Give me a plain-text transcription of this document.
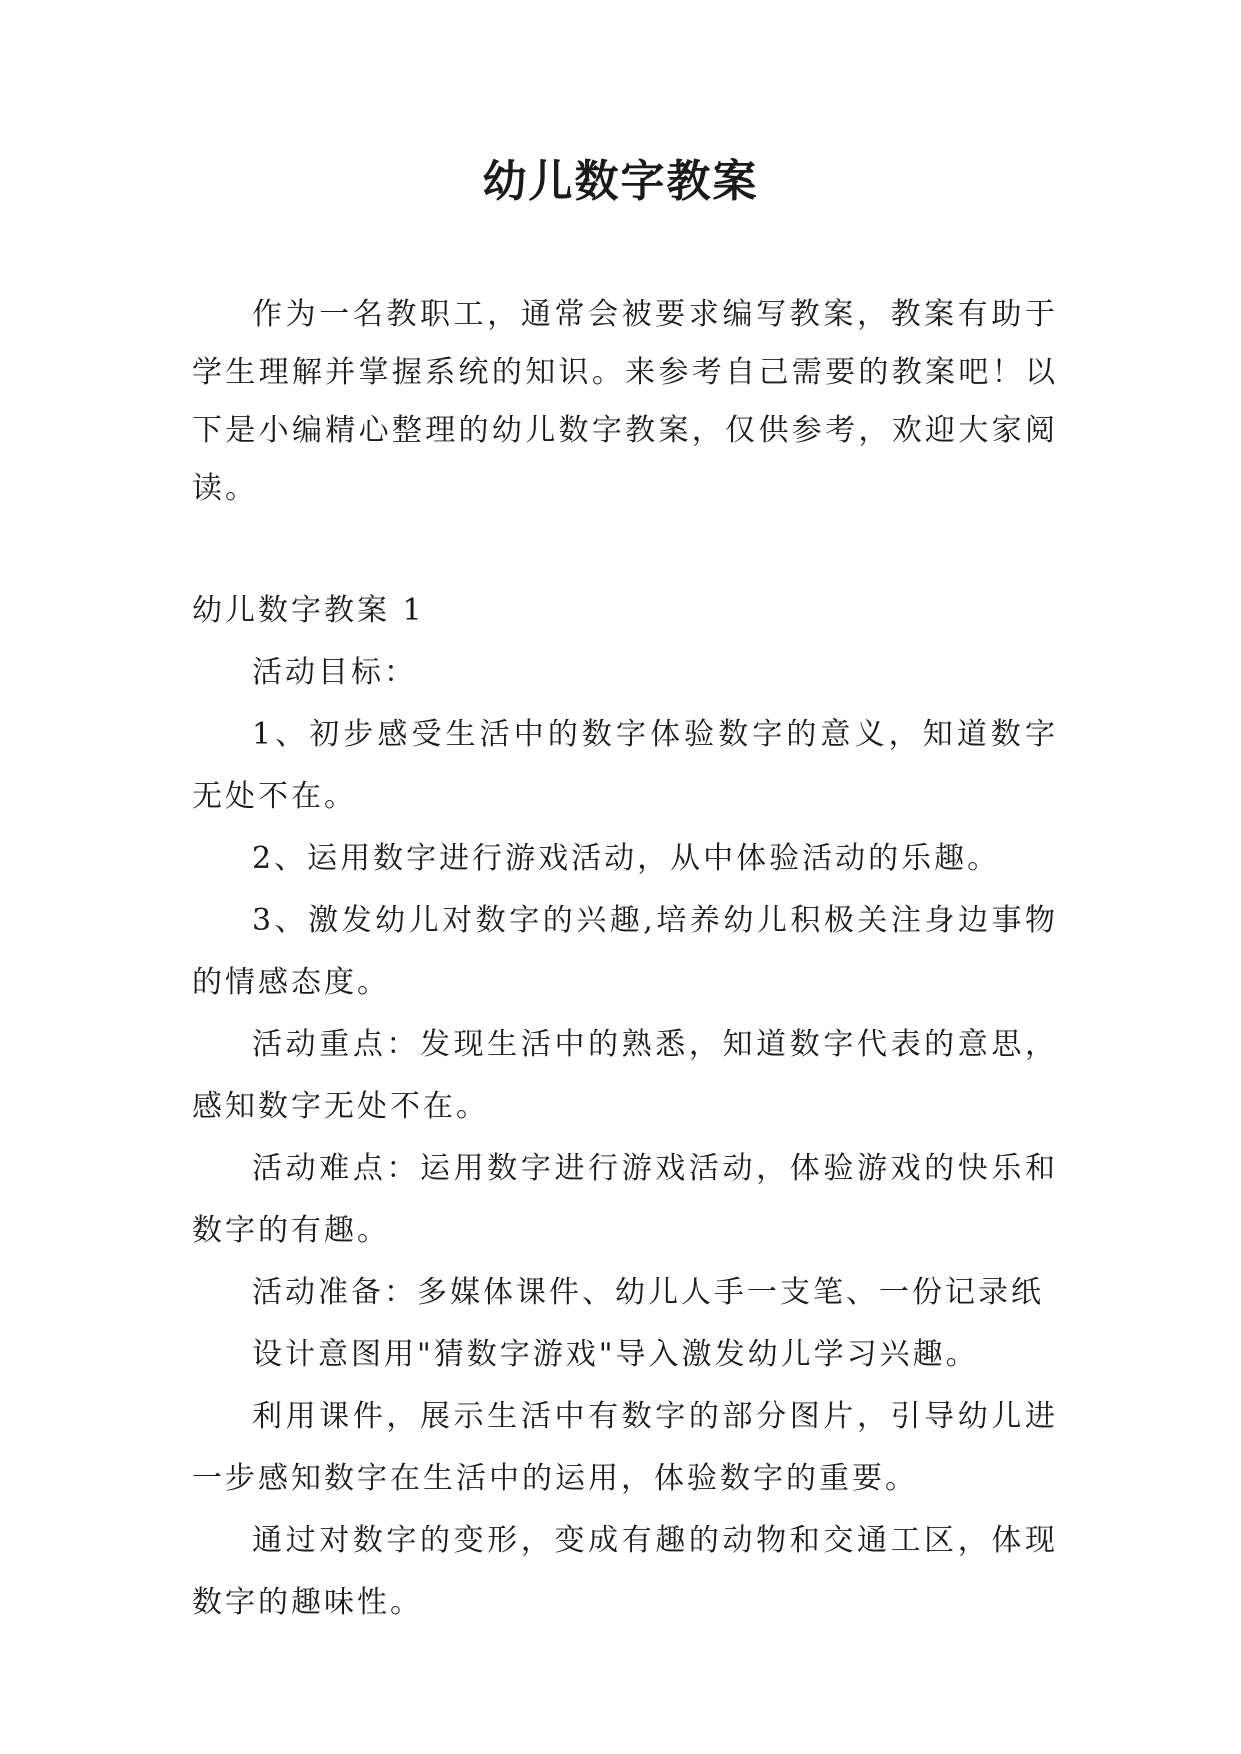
幼儿数字教案

作为一名教职工，通常会被要求编写教案，教案有助于学生理解并掌握系统的知识。来参考自己需要的教案吧！以下是小编精心整理的幼儿数字教案，仅供参考，欢迎大家阅读。

幼儿数字教案 1

活动目标：

1、初步感受生活中的数字体验数字的意义，知道数字无处不在。

2、运用数字进行游戏活动，从中体验活动的乐趣。

3、激发幼儿对数字的兴趣,培养幼儿积极关注身边事物的情感态度。

活动重点：发现生活中的熟悉，知道数字代表的意思，感知数字无处不在。

活动难点：运用数字进行游戏活动，体验游戏的快乐和数字的有趣。

活动准备：多媒体课件、幼儿人手一支笔、一份记录纸

设计意图用"猜数字游戏"导入激发幼儿学习兴趣。

利用课件，展示生活中有数字的部分图片，引导幼儿进一步感知数字在生活中的运用，体验数字的重要。

通过对数字的变形，变成有趣的动物和交通工区，体现数字的趣味性。
